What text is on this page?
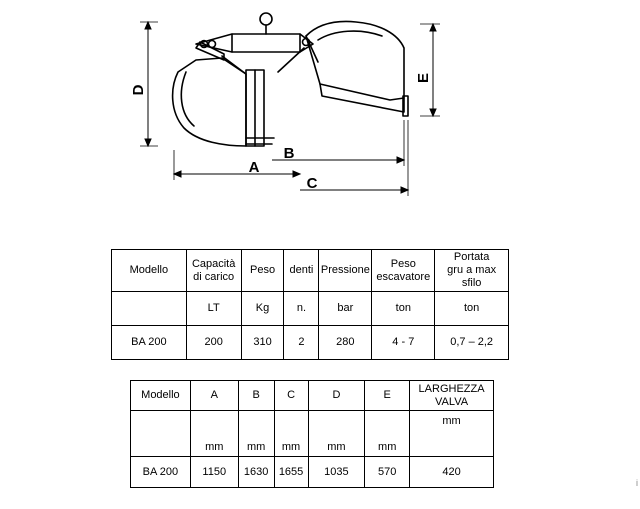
D
E
A
B
C
Modello	Capacità
di carico	Peso	denti	Pressione	Peso
escavatore	Portata
gru a max
sfilo
	LT	Kg	n.	bar	ton	ton
BA 200	200	310	2	280	4 - 7	0,7 – 2,2
Modello	A	B	C	D	E	LARGHEZZA
VALVA
	mm	mm	mm	mm	mm	mm
BA 200	1150	1630	1655	1035	570	420
i
